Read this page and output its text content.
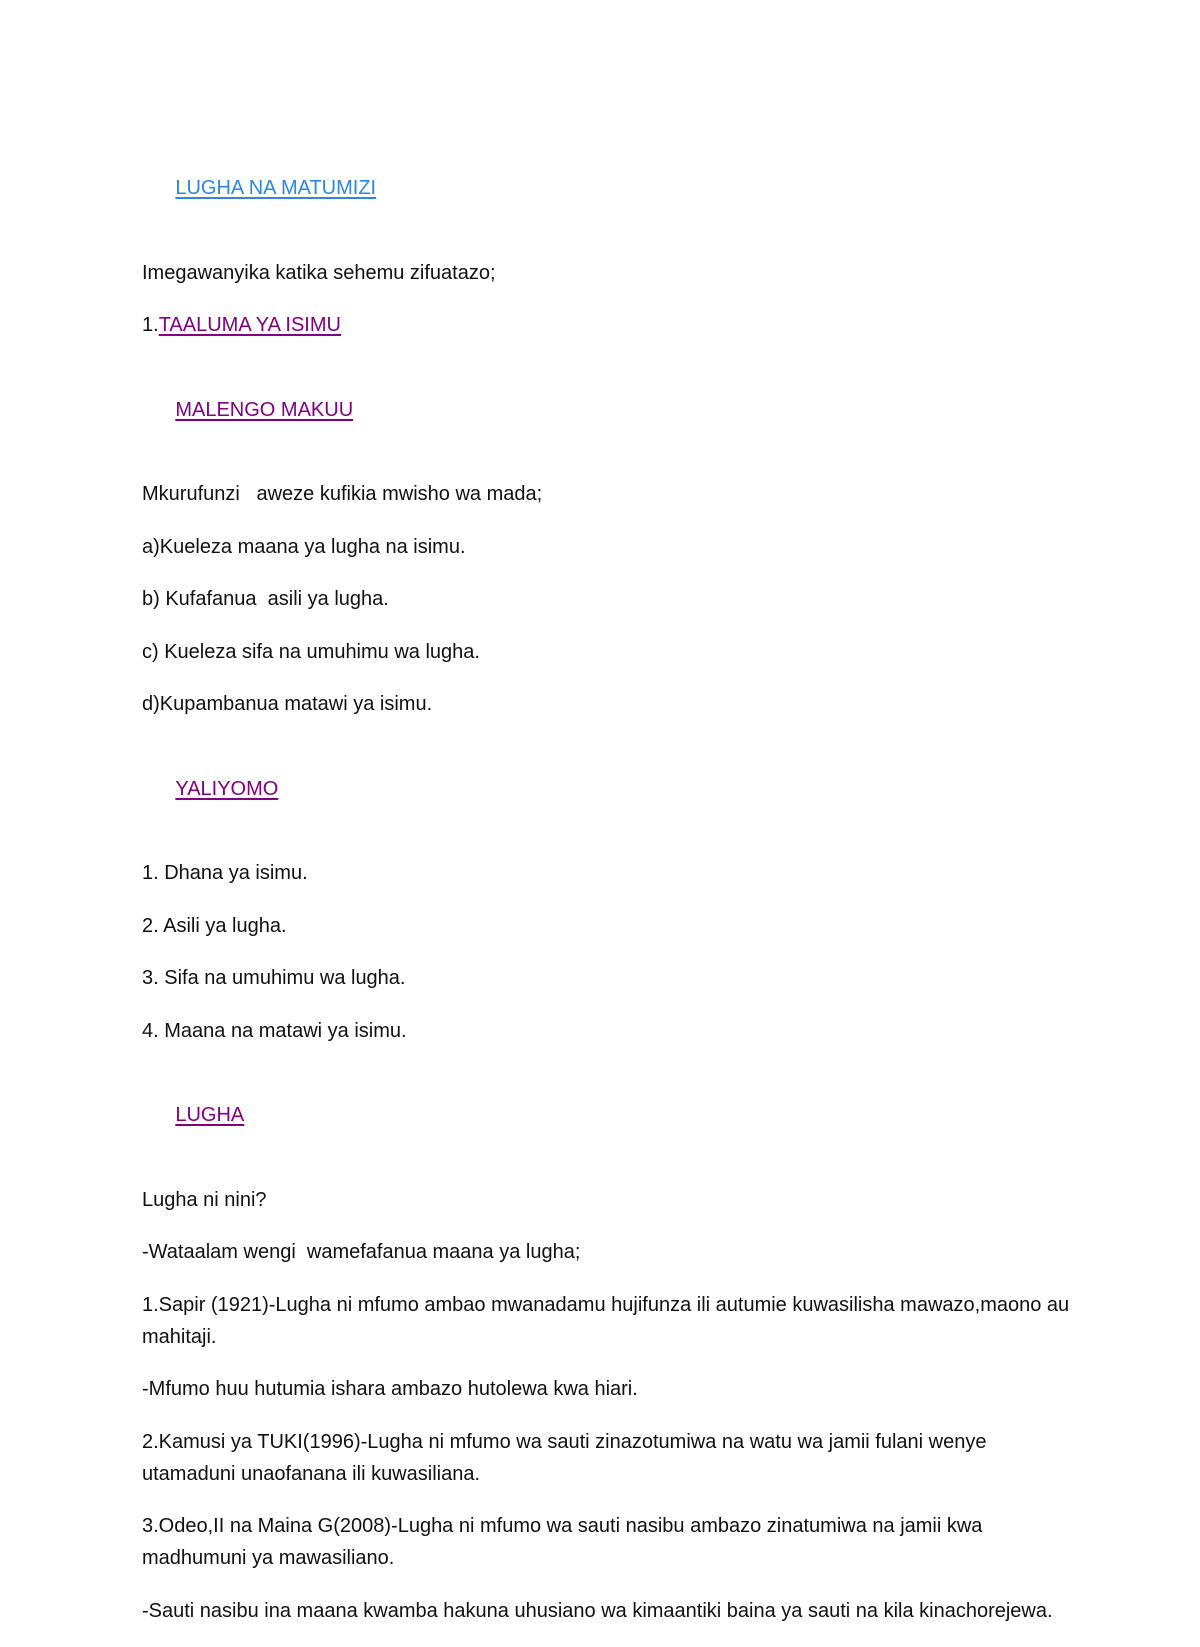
LUGHA NA MATUMIZI

Imegawanyika katika sehemu zifuatazo;

1.TAALUMA YA ISIMU

MALENGO MAKUU

Mkurufunzi   aweze kufikia mwisho wa mada;

a)Kueleza maana ya lugha na isimu.

b) Kufafanua  asili ya lugha.

c) Kueleza sifa na umuhimu wa lugha.

d)Kupambanua matawi ya isimu.

YALIYOMO

1. Dhana ya isimu.

2. Asili ya lugha.

3. Sifa na umuhimu wa lugha.

4. Maana na matawi ya isimu.

LUGHA

Lugha ni nini?

-Wataalam wengi  wamefafanua maana ya lugha;

1.Sapir (1921)-Lugha ni mfumo ambao mwanadamu hujifunza ili autumie kuwasilisha mawazo,maono au mahitaji.

-Mfumo huu hutumia ishara ambazo hutolewa kwa hiari.

2.Kamusi ya TUKI(1996)-Lugha ni mfumo wa sauti zinazotumiwa na watu wa jamii fulani wenye utamaduni unaofanana ili kuwasiliana.

3.Odeo,II na Maina G(2008)-Lugha ni mfumo wa sauti nasibu ambazo zinatumiwa na jamii kwa madhumuni ya mawasiliano.

-Sauti nasibu ina maana kwamba hakuna uhusiano wa kimaantiki baina ya sauti na kila kinachorejewa.
